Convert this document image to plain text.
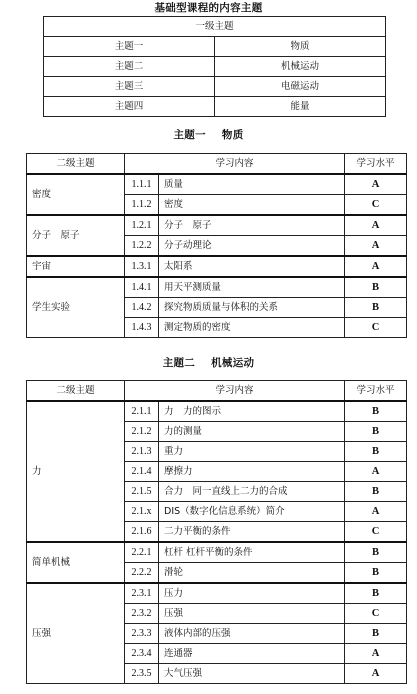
基础型课程的内容主题
一级主题	
主题一	物质
主题二	机械运动
主题三	电磁运动
主题四	能量
主题一 物质
二级主题	学习内容		学习水平
密度	1.1.1	质量	A
	1.1.2	密度	C
分子　原子	1.2.1	分子　原子	A
	1.2.2	分子动理论	A
宇宙	1.3.1	太阳系	A
学生实验	1.4.1	用天平测质量	B
	1.4.2	探究物质质量与体积的关系	B
	1.4.3	测定物质的密度	C
主题二 机械运动
二级主题	学习内容		学习水平
力	2.1.1	力　力的图示	B
	2.1.2	力的测量	B
	2.1.3	重力	B
	2.1.4	摩擦力	A
	2.1.5	合力　同一直线上二力的合成	B
	2.1.x	DIS（数字化信息系统）简介	A
	2.1.6	二力平衡的条件	C
简单机械	2.2.1	杠杆 杠杆平衡的条件	B
	2.2.2	滑轮	B
压强	2.3.1	压力	B
	2.3.2	压强	C
	2.3.3	液体内部的压强	B
	2.3.4	连通器	A
	2.3.5	大气压强	A
